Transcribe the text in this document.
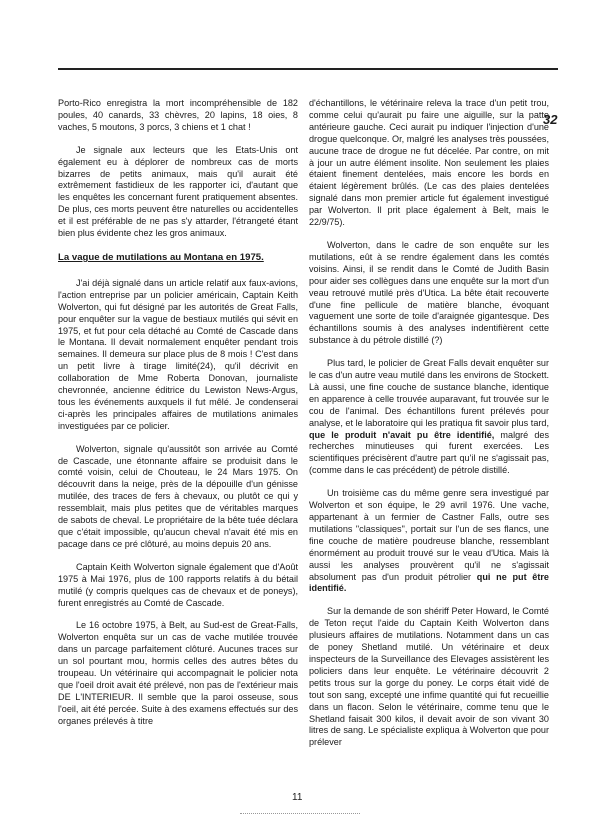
32

Porto-Rico enregistra la mort incompréhensible de 182 poules, 40 canards, 33 chèvres, 20 lapins, 18 oies, 8 vaches, 5 moutons, 3 porcs, 3 chiens et 1 chat !

Je signale aux lecteurs que les Etats-Unis ont également eu à déplorer de nombreux cas de morts bizarres de petits animaux, mais qu'il aurait été extrêmement fastidieux de les rapporter ici, d'autant que les enquêtes les concernant furent pratiquement absentes. De plus, ces morts peuvent être naturelles ou accidentelles et il est préférable de ne pas s'y attarder, l'étrangeté étant bien plus évidente chez les gros animaux.

La vague de mutilations au Montana en 1975.

J'ai déjà signalé dans un article relatif aux faux-avions, l'action entreprise par un policier américain, Captain Keith Wolverton, qui fut désigné par les autorités de Great Falls, pour enquêter sur la vague de bestiaux mutilés qui sévit en 1975, et fut pour cela détaché au Comté de Cascade dans le Montana. Il devait normalement enquêter pendant trois semaines. Il demeura sur place plus de 8 mois ! C'est dans un petit livre à tirage limité(24), qu'il décrivit en collaboration de Mme Roberta Donovan, journaliste chevronnée, ancienne éditrice du Lewiston News-Argus, tous les événements auxquels il fut mêlé. Je condenserai ci-après les principales affaires de mutilations animales investiguées par ce policier.

Wolverton, signale qu'aussitôt son arrivée au Comté de Cascade, une étonnante affaire se produisit dans le comté voisin, celui de Chouteau, le 24 Mars 1975. On découvrit dans la neige, près de la dépouille d'un génisse mutilée, des traces de fers à chevaux, ou plutôt ce qui y ressemblait, mais plus petites que de véritables marques de sabots de cheval. Le propriétaire de la bête tuée déclara que c'était impossible, qu'aucun cheval n'avait été mis en pacage dans ce pré clôturé, au moins depuis 20 ans.

Captain Keith Wolverton signale également que d'Août 1975 à Mai 1976, plus de 100 rapports relatifs à du bétail mutilé (y compris quelques cas de chevaux et de poneys), furent enregistrés au Comté de Cascade.

Le 16 octobre 1975, à Belt, au Sud-est de Great-Falls, Wolverton enquêta sur un cas de vache mutilée trouvée dans un parcage parfaitement clôturé. Aucunes traces sur un sol pourtant mou, hormis celles des autres bêtes du troupeau. Un vétérinaire qui accompagnait le policier nota que l'oeil droit avait été prélevé, non pas de l'extérieur mais DE L'INTERIEUR. Il semble que la paroi osseuse, sous l'oeil, ait été percée. Suite à des examens effectués sur des organes prélevés à titre

d'échantillons, le vétérinaire releva la trace d'un petit trou, comme celui qu'aurait pu faire une aiguille, sur la patte antérieure gauche. Ceci aurait pu indiquer l'injection d'une drogue quelconque. Or, malgré les analyses très poussées, aucune trace de drogue ne fut décelée. Par contre, on mit à jour un autre élément insolite. Non seulement les plaies étaient finement dentelées, mais encore les bords en étaient légèrement brûlés. (Le cas des plaies dentelées signalé dans mon premier article fut également investigué par Wolverton. Il prit place également à Belt, mais le 22/9/75).

Wolverton, dans le cadre de son enquête sur les mutilations, eût à se rendre également dans les comtés voisins. Ainsi, il se rendit dans le Comté de Judith Basin pour aider ses collègues dans une enquête sur la mort d'un veau retrouvé mutilé près d'Utica. La bête était recouverte d'une fine pellicule de matière blanche, évoquant vaguement une sorte de toile d'araignée gigantesque. Des échantillons soumis à des analyses indentifièrent cette substance à du pétrole distillé (?)

Plus tard, le policier de Great Falls devait enquêter sur le cas d'un autre veau mutilé dans les environs de Stockett. Là aussi, une fine couche de sustance blanche, identique en apparence à celle trouvée auparavant, fut trouvée sur le cou de l'animal. Des échantillons furent prélevés pour analyse, et le laboratoire qui les pratiqua fit savoir plus tard, que le produit n'avait pu être identifié, malgré des recherches minutieuses qui furent exercées. Les scientifiques précisèrent d'autre part qu'il ne s'agissait pas, (comme dans le cas précédent) de pétrole distillé.

Un troisième cas du même genre sera investigué par Wolverton et son équipe, le 29 avril 1976. Une vache, appartenant à un fermier de Castner Falls, outre ses mutilations "classiques", portait sur l'un de ses flancs, une fine couche de matière poudreuse blanche, ressemblant énormément au produit trouvé sur le veau d'Utica. Mais là aussi les analyses prouvèrent qu'il ne s'agissait absolument pas d'un produit pétrolier qui ne put être identifié.

Sur la demande de son shériff Peter Howard, le Comté de Teton reçut l'aide du Captain Keith Wolverton dans plusieurs affaires de mutilations. Notamment dans un cas de poney Shetland mutilé. Un vétérinaire et deux inspecteurs de la Surveillance des Elevages assistèrent les policiers dans leur enquête. Le vétérinaire découvrit 2 petits trous sur la gorge du poney. Le corps était vidé de tout son sang, excepté une infime quantité qui fut recueillie dans un flacon. Selon le vétérinaire, comme tenu que le Shetland faisait 300 kilos, il devait avoir de son vivant 30 litres de sang. Le spécialiste expliqua à Wolverton que pour prélever

11
